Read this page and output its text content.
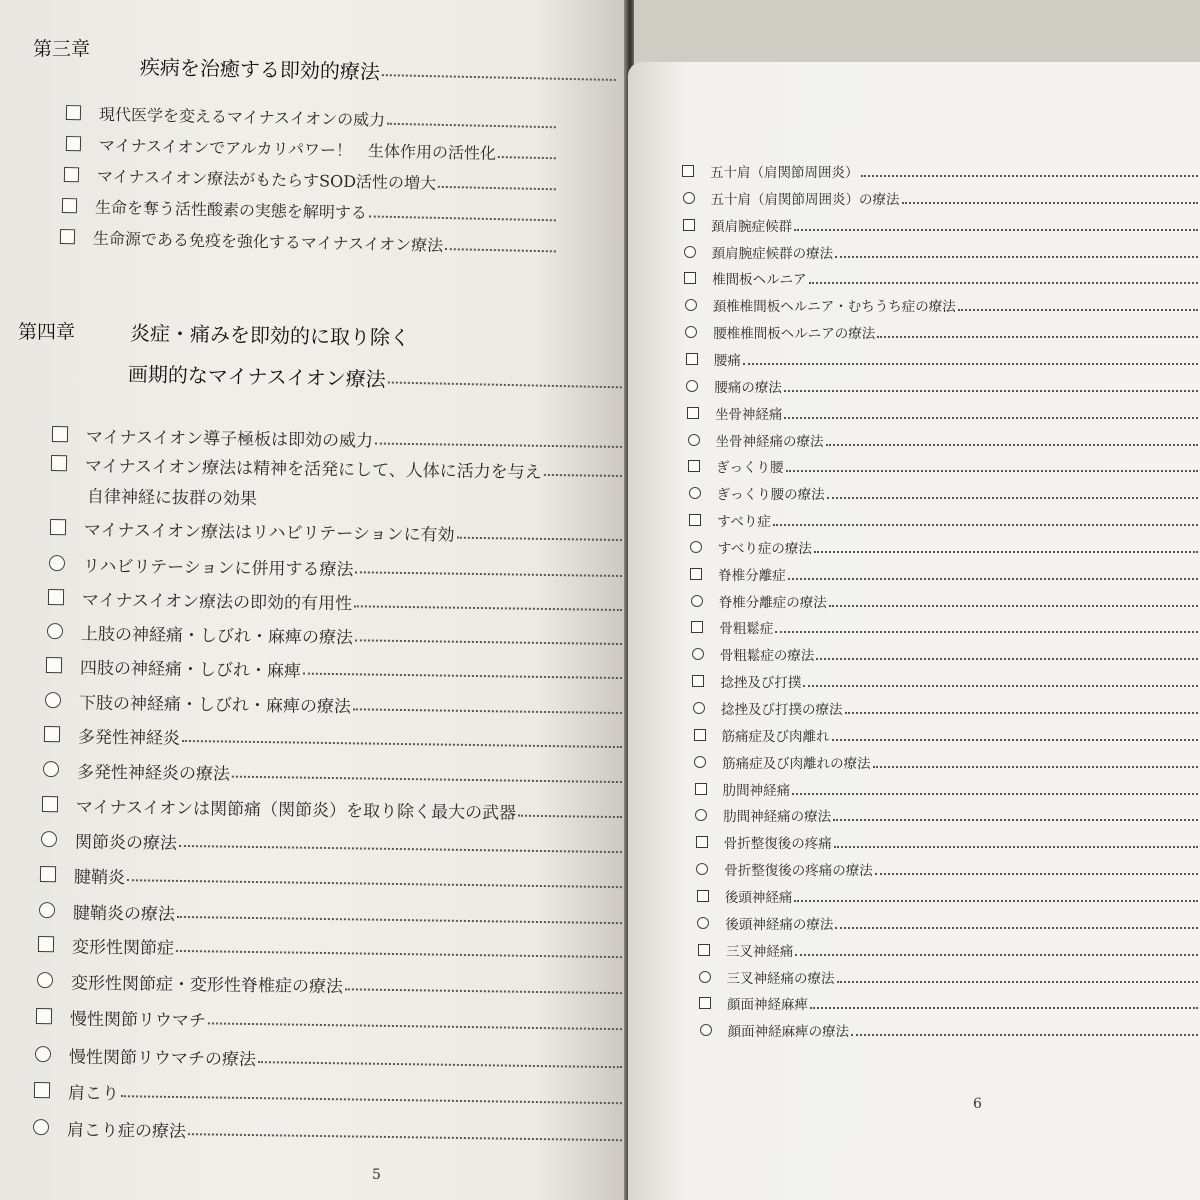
第三章
疾病を治癒する即効的療法
現代医学を変えるマイナスイオンの威力
マイナスイオンでアルカリパワー！　生体作用の活性化
マイナスイオン療法がもたらすSOD活性の増大
生命を奪う活性酸素の実態を解明する
生命源である免疫を強化するマイナスイオン療法
第四章	炎症・痛みを即効的に取り除く
画期的なマイナスイオン療法
マイナスイオン導子極板は即効の威力
マイナスイオン療法は精神を活発にして、人体に活力を与え
自律神経に抜群の効果
マイナスイオン療法はリハビリテーションに有効
リハビリテーションに併用する療法
マイナスイオン療法の即効的有用性
上肢の神経痛・しびれ・麻痺の療法
四肢の神経痛・しびれ・麻痺
下肢の神経痛・しびれ・麻痺の療法
多発性神経炎
多発性神経炎の療法
マイナスイオンは関節痛（関節炎）を取り除く最大の武器
関節炎の療法
腱鞘炎
腱鞘炎の療法
変形性関節症
変形性関節症・変形性脊椎症の療法
慢性関節リウマチ
慢性関節リウマチの療法
肩こり
肩こり症の療法
5
五十肩（肩関節周囲炎）
五十肩（肩関節周囲炎）の療法
頚肩腕症候群
頚肩腕症候群の療法
椎間板ヘルニア
頚椎椎間板ヘルニア・むちうち症の療法
腰椎椎間板ヘルニアの療法
腰痛
腰痛の療法
坐骨神経痛
坐骨神経痛の療法
ぎっくり腰
ぎっくり腰の療法
すべり症
すべり症の療法
脊椎分離症
脊椎分離症の療法
骨粗鬆症
骨粗鬆症の療法
捻挫及び打撲
捻挫及び打撲の療法
筋痛症及び肉離れ
筋痛症及び肉離れの療法
肋間神経痛
肋間神経痛の療法
骨折整復後の疼痛
骨折整復後の疼痛の療法
後頭神経痛
後頭神経痛の療法
三叉神経痛
三叉神経痛の療法
顔面神経麻痺
顔面神経麻痺の療法
6
